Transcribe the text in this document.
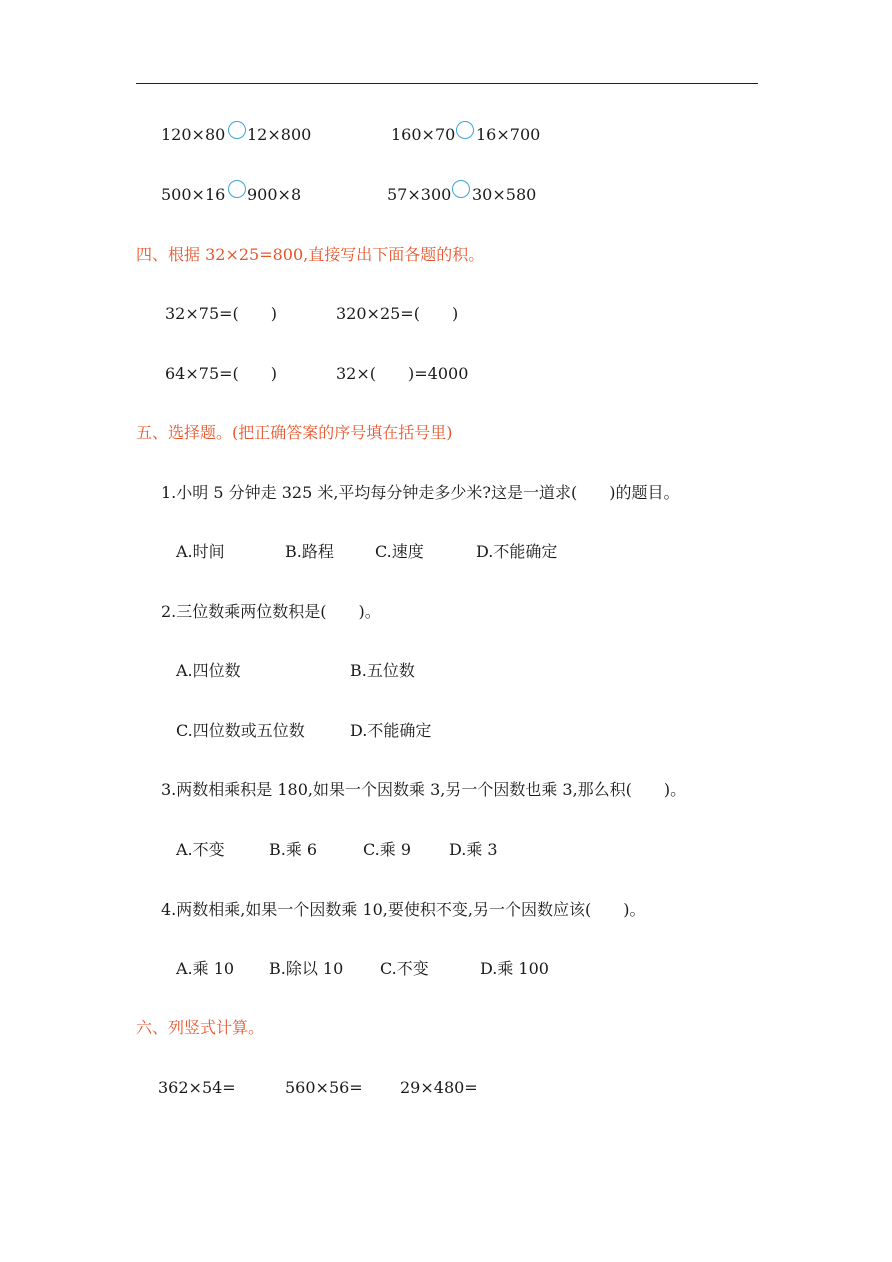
120×80 12×800	160×70 16×700
500×16 900×8	57×300 30×580
四、根据 32×25=800,直接写出下面各题的积。
32×75=(　　)	320×25=(　　)
64×75=(　　)	32×(　　)=4000
五、选择题。(把正确答案的序号填在括号里)
1.小明 5 分钟走 325 米,平均每分钟走多少米?这是一道求(　　)的题目。
A.时间	B.路程	C.速度	D.不能确定
2.三位数乘两位数积是(　　)。
A.四位数	B.五位数
C.四位数或五位数	D.不能确定
3.两数相乘积是 180,如果一个因数乘 3,另一个因数也乘 3,那么积(　　)。
A.不变	B.乘 6	C.乘 9 D.乘 3
4.两数相乘,如果一个因数乘 10,要使积不变,另一个因数应该(　　)。
A.乘 10 B.除以 10 C.不变	D.乘 100
六、列竖式计算。
362×54=	560×56= 29×480=
